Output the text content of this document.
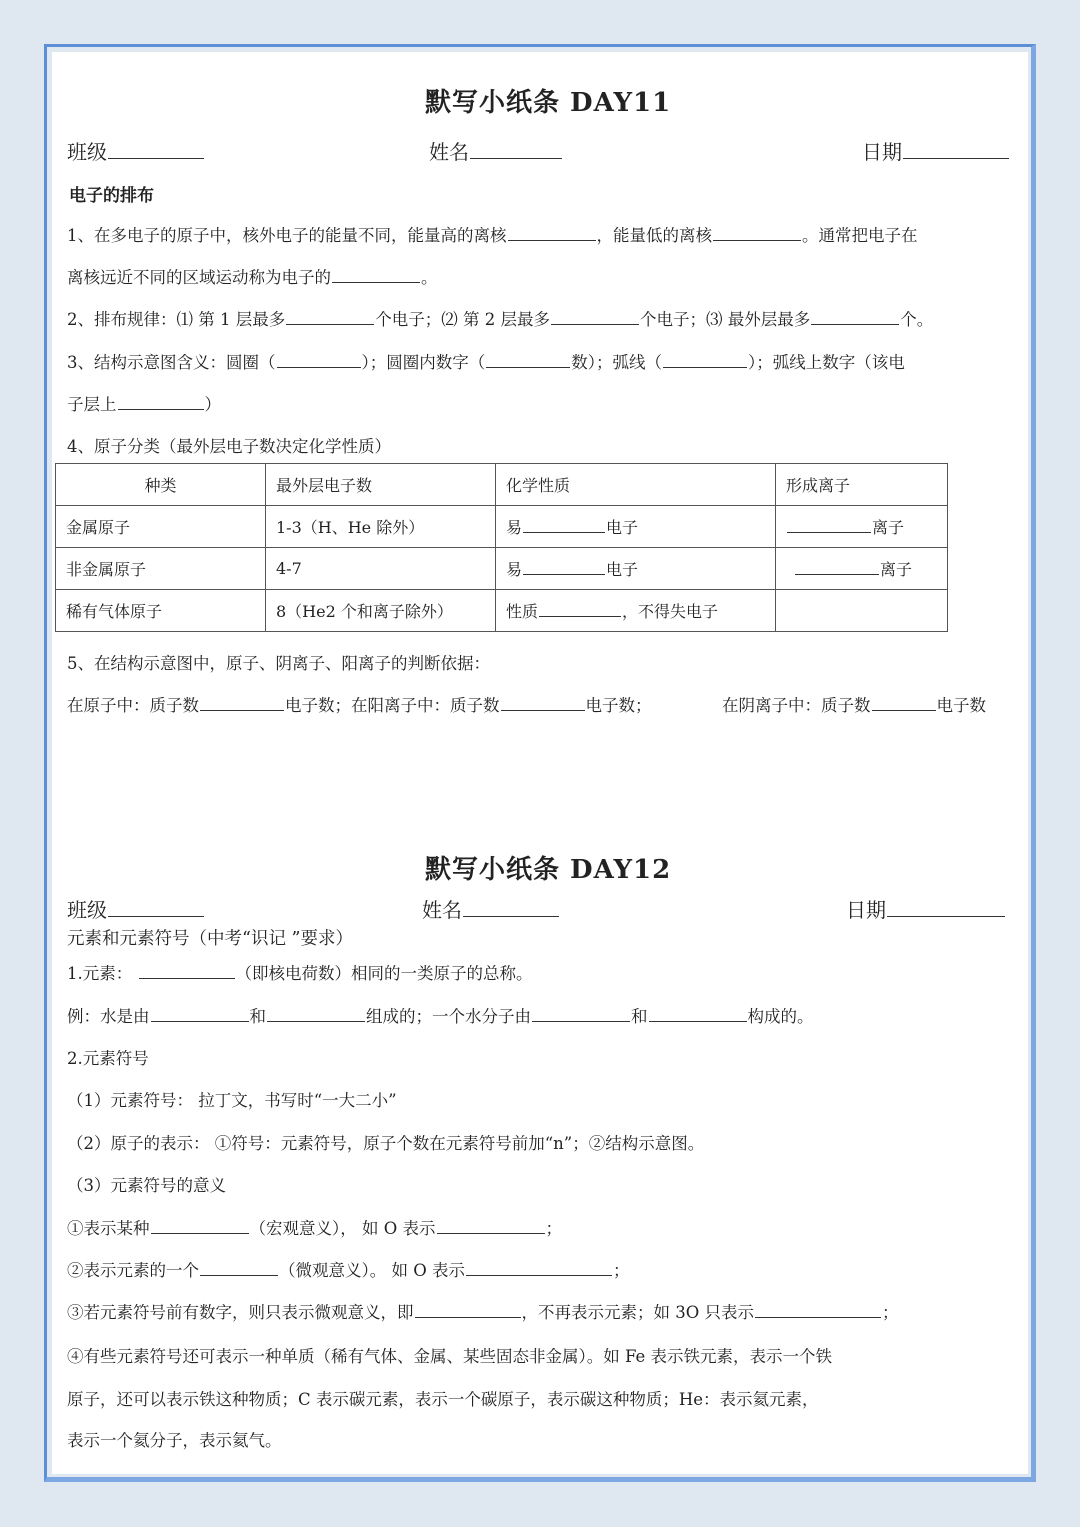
默写小纸条 DAY11
班级	姓名	日期
电子的排布
1、在多电子的原子中，核外电子的能量不同，能量高的离核	，能量低的离核	。通常把电子在
离核远近不同的区域运动称为电子的	。
2、排布规律：⑴ 第 1 层最多	个电子；⑵ 第 2 层最多	个电子；⑶ 最外层最多	个。
3、结构示意图含义：圆圈（	）；圆圈内数字（	数）；弧线（	）；弧线上数字（该电
子层上	）
4、原子分类（最外层电子数决定化学性质）
种类	最外层电子数	化学性质	形成离子
金属原子	1-3（H、He 除外）	易 电子	离子
非金属原子	4-7	易 电子	离子
稀有气体原子	8（He2 个和离子除外）	性质 ，不得失电子	
5、在结构示意图中，原子、阴离子、阳离子的判断依据：
在原子中：质子数	电子数；在阳离子中：质子数	电子数；	在阴离子中：质子数	电子数
默写小纸条 DAY12
班级	姓名	日期
元素和元素符号（中考“识记 ”要求）
1.元素：	（即核电荷数）相同的一类原子的总称。
例：水是由	和	组成的；一个水分子由	和	构成的。
2.元素符号
（1）元素符号： 拉丁文，书写时“一大二小”
（2）原子的表示： ①符号：元素符号，原子个数在元素符号前加“n”；②结构示意图。
（3）元素符号的意义
①表示某种	（宏观意义）， 如 O 表示	；
②表示元素的一个	（微观意义）。 如 O 表示	；
③若元素符号前有数字，则只表示微观意义，即	，不再表示元素；如 3O 只表示	；
④有些元素符号还可表示一种单质（稀有气体、金属、某些固态非金属）。如 Fe 表示铁元素，表示一个铁
原子，还可以表示铁这种物质；C 表示碳元素，表示一个碳原子，表示碳这种物质；He：表示氦元素，
表示一个氦分子，表示氦气。
